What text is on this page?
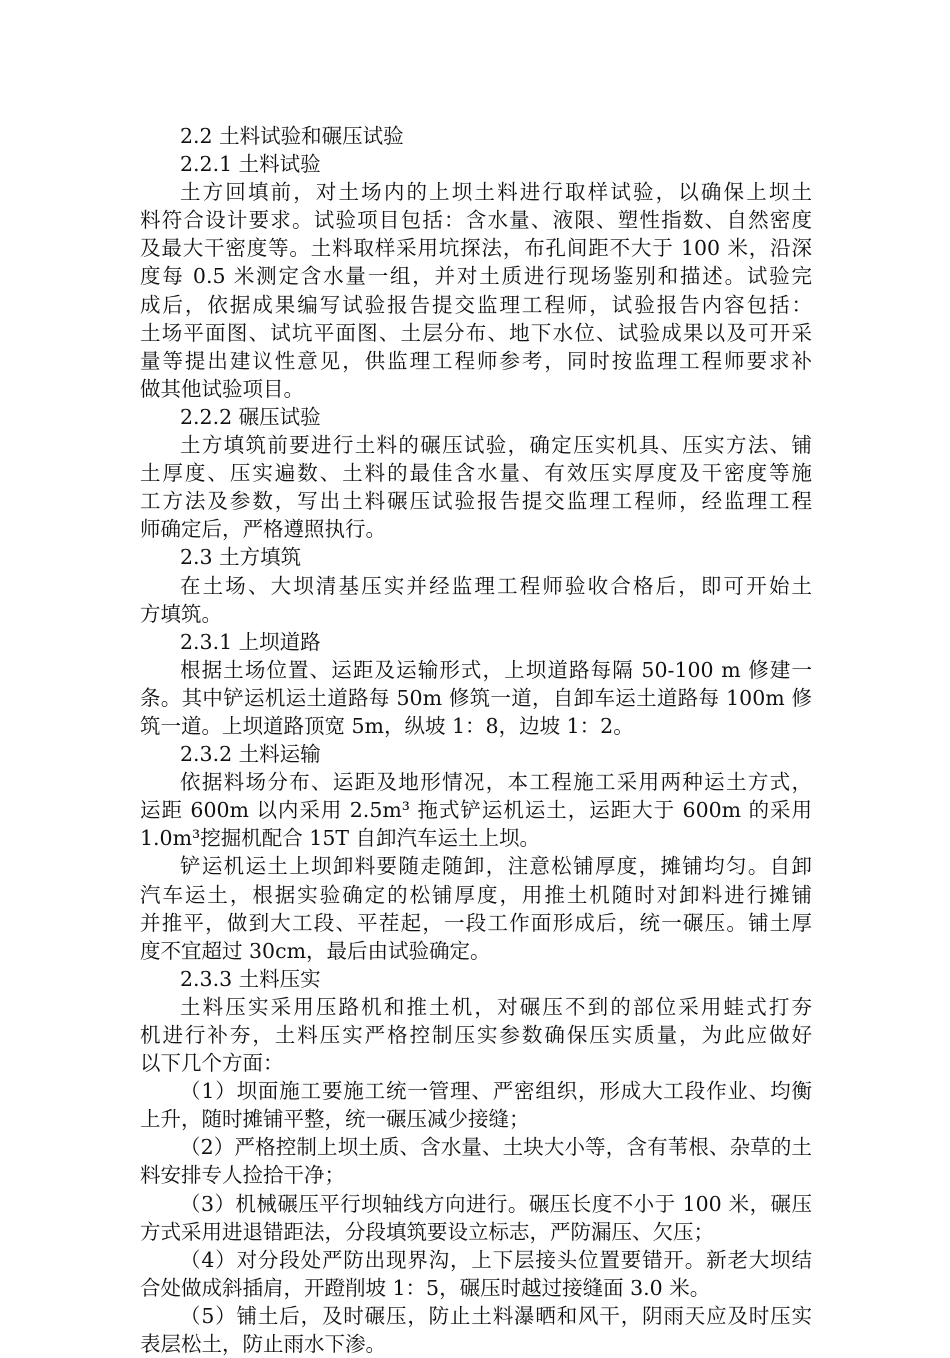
2.2 土料试验和碾压试验
2.2.1 土料试验
土方回填前，对土场内的上坝土料进行取样试验，以确保上坝土
料符合设计要求。试验项目包括：含水量、液限、塑性指数、自然密度
及最大干密度等。土料取样采用坑探法，布孔间距不大于 100 米，沿深
度每 0.5 米测定含水量一组，并对土质进行现场鉴别和描述。试验完
成后，依据成果编写试验报告提交监理工程师，试验报告内容包括：
土场平面图、试坑平面图、土层分布、地下水位、试验成果以及可开采
量等提出建议性意见，供监理工程师参考，同时按监理工程师要求补
做其他试验项目。
2.2.2 碾压试验
土方填筑前要进行土料的碾压试验，确定压实机具、压实方法、铺
土厚度、压实遍数、土料的最佳含水量、有效压实厚度及干密度等施
工方法及参数，写出土料碾压试验报告提交监理工程师，经监理工程
师确定后，严格遵照执行。
2.3 土方填筑
在土场、大坝清基压实并经监理工程师验收合格后，即可开始土
方填筑。
2.3.1 上坝道路
根据土场位置、运距及运输形式，上坝道路每隔 50-100 m 修建一
条。其中铲运机运土道路每 50m 修筑一道，自卸车运土道路每 100m 修
筑一道。上坝道路顶宽 5m，纵坡 1：8，边坡 1：2。
2.3.2 土料运输
依据料场分布、运距及地形情况，本工程施工采用两种运土方式，
运距 600m 以内采用 2.5m³ 拖式铲运机运土，运距大于 600m 的采用
1.0m³挖掘机配合 15T 自卸汽车运土上坝。
铲运机运土上坝卸料要随走随卸，注意松铺厚度，摊铺均匀。自卸
汽车运土，根据实验确定的松铺厚度，用推土机随时对卸料进行摊铺
并推平，做到大工段、平茬起，一段工作面形成后，统一碾压。铺土厚
度不宜超过 30cm，最后由试验确定。
2.3.3 土料压实
土料压实采用压路机和推土机，对碾压不到的部位采用蛙式打夯
机进行补夯，土料压实严格控制压实参数确保压实质量，为此应做好
以下几个方面：
（1）坝面施工要施工统一管理、严密组织，形成大工段作业、均衡
上升，随时摊铺平整，统一碾压减少接缝；
（2）严格控制上坝土质、含水量、土块大小等，含有苇根、杂草的土
料安排专人捡拾干净；
（3）机械碾压平行坝轴线方向进行。碾压长度不小于 100 米，碾压
方式采用进退错距法，分段填筑要设立标志，严防漏压、欠压；
（4）对分段处严防出现界沟，上下层接头位置要错开。新老大坝结
合处做成斜插肩，开蹬削坡 1：5，碾压时越过接缝面 3.0 米。
（5）铺土后，及时碾压，防止土料瀑晒和风干，阴雨天应及时压实
表层松土，防止雨水下渗。
